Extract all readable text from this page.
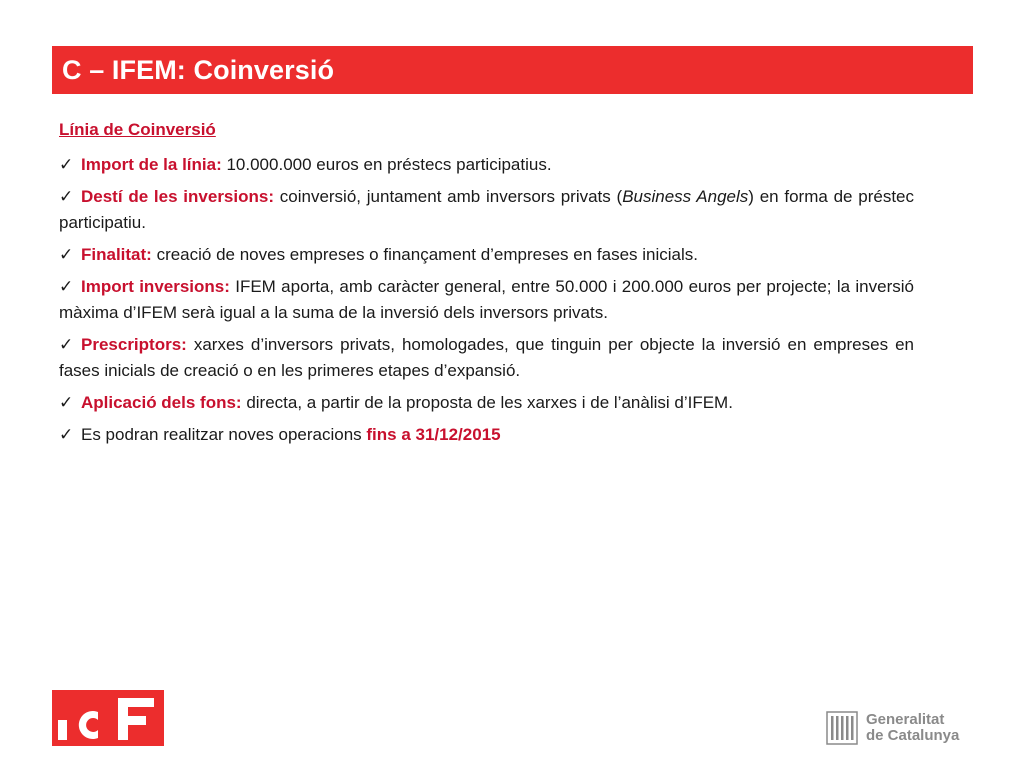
C – IFEM: Coinversió
Línia de Coinversió

✓ Import de la línia: 10.000.000 euros en préstecs participatius.

✓ Destí de les inversions: coinversió, juntament amb inversors privats (Business Angels) en forma de préstec participatiu.

✓ Finalitat: creació de noves empreses o finançament d’empreses en fases inicials.

✓ Import inversions: IFEM aporta, amb caràcter general, entre 50.000 i 200.000 euros per projecte; la inversió màxima d’IFEM serà igual a la suma de la inversió dels inversors privats.

✓ Prescriptors: xarxes d’inversors privats, homologades, que tinguin per objecte la inversió en empreses en fases inicials de creació o en les primeres etapes d’expansió.

✓ Aplicació dels fons: directa, a partir de la proposta de les xarxes i de l’anàlisi d’IFEM.

✓ Es podran realitzar noves operacions fins a 31/12/2015

Generalitat
de Catalunya
